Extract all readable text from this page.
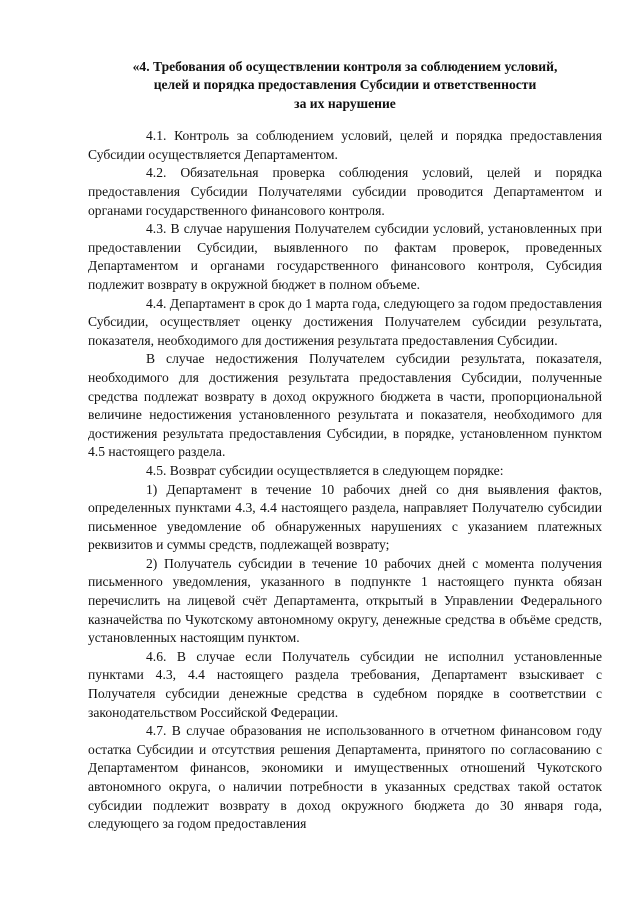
«4. Требования об осуществлении контроля за соблюдением условий,
целей и порядка предоставления Субсидии и ответственности
за их нарушение

4.1. Контроль за соблюдением условий, целей и порядка предоставления Субсидии осуществляется Департаментом.

4.2. Обязательная проверка соблюдения условий, целей и порядка предоставления Субсидии Получателями субсидии проводится Департаментом и органами государственного финансового контроля.

4.3. В случае нарушения Получателем субсидии условий, установленных при предоставлении Субсидии, выявленного по фактам проверок, проведенных Департаментом и органами государственного финансового контроля, Субсидия подлежит возврату в окружной бюджет в полном объеме.

4.4. Департамент в срок до 1 марта года, следующего за годом предоставления Субсидии, осуществляет оценку достижения Получателем субсидии результата, показателя, необходимого для достижения результата предоставления Субсидии.

В случае недостижения Получателем субсидии результата, показателя, необходимого для достижения результата предоставления Субсидии, полученные средства подлежат возврату в доход окружного бюджета в части, пропорциональной величине недостижения установленного результата и показателя, необходимого для достижения результата предоставления Субсидии, в порядке, установленном пунктом 4.5 настоящего раздела.

4.5. Возврат субсидии осуществляется в следующем порядке:

1) Департамент в течение 10 рабочих дней со дня выявления фактов, определенных пунктами 4.3, 4.4 настоящего раздела, направляет Получателю субсидии письменное уведомление об обнаруженных нарушениях с указанием платежных реквизитов и суммы средств, подлежащей возврату;

2) Получатель субсидии в течение 10 рабочих дней с момента получения письменного уведомления, указанного в подпункте 1 настоящего пункта обязан перечислить на лицевой счёт Департамента, открытый в Управлении Федерального казначейства по Чукотскому автономному округу, денежные средства в объёме средств, установленных настоящим пунктом.

4.6. В случае если Получатель субсидии не исполнил установленные пунктами 4.3, 4.4 настоящего раздела требования, Департамент взыскивает с Получателя субсидии денежные средства в судебном порядке в соответствии с законодательством Российской Федерации.

4.7. В случае образования не использованного в отчетном финансовом году остатка Субсидии и отсутствия решения Департамента, принятого по согласованию с Департаментом финансов, экономики и имущественных отношений Чукотского автономного округа, о наличии потребности в указанных средствах такой остаток субсидии подлежит возврату в доход окружного бюджета до 30 января года, следующего за годом предоставления
